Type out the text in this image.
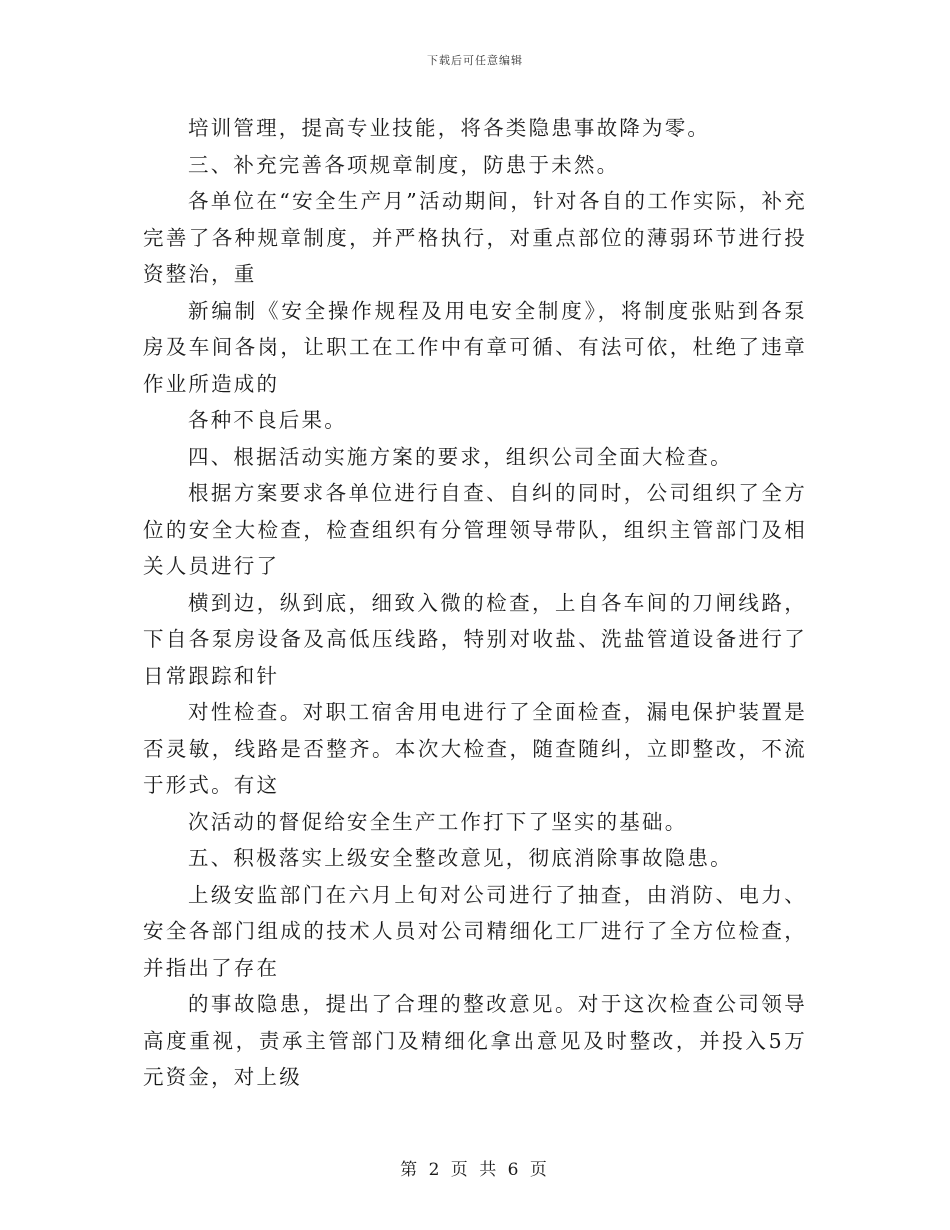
下载后可任意编辑

培训管理，提高专业技能，将各类隐患事故降为零。

三、补充完善各项规章制度，防患于未然。

各单位在“安全生产月”活动期间，针对各自的工作实际，补充完善了各种规章制度，并严格执行，对重点部位的薄弱环节进行投资整治，重

新编制《安全操作规程及用电安全制度》，将制度张贴到各泵房及车间各岗，让职工在工作中有章可循、有法可依，杜绝了违章作业所造成的

各种不良后果。

四、根据活动实施方案的要求，组织公司全面大检查。

根据方案要求各单位进行自查、自纠的同时，公司组织了全方位的安全大检查，检查组织有分管理领导带队，组织主管部门及相关人员进行了

横到边，纵到底，细致入微的检查，上自各车间的刀闸线路，下自各泵房设备及高低压线路，特别对收盐、洗盐管道设备进行了日常跟踪和针

对性检查。对职工宿舍用电进行了全面检查，漏电保护装置是否灵敏，线路是否整齐。本次大检查，随查随纠，立即整改，不流于形式。有这

次活动的督促给安全生产工作打下了坚实的基础。

五、积极落实上级安全整改意见，彻底消除事故隐患。

上级安监部门在六月上旬对公司进行了抽查，由消防、电力、安全各部门组成的技术人员对公司精细化工厂进行了全方位检查，并指出了存在

的事故隐患，提出了合理的整改意见。对于这次检查公司领导高度重视，责承主管部门及精细化拿出意见及时整改，并投入5万元资金，对上级

第 2 页 共 6 页
